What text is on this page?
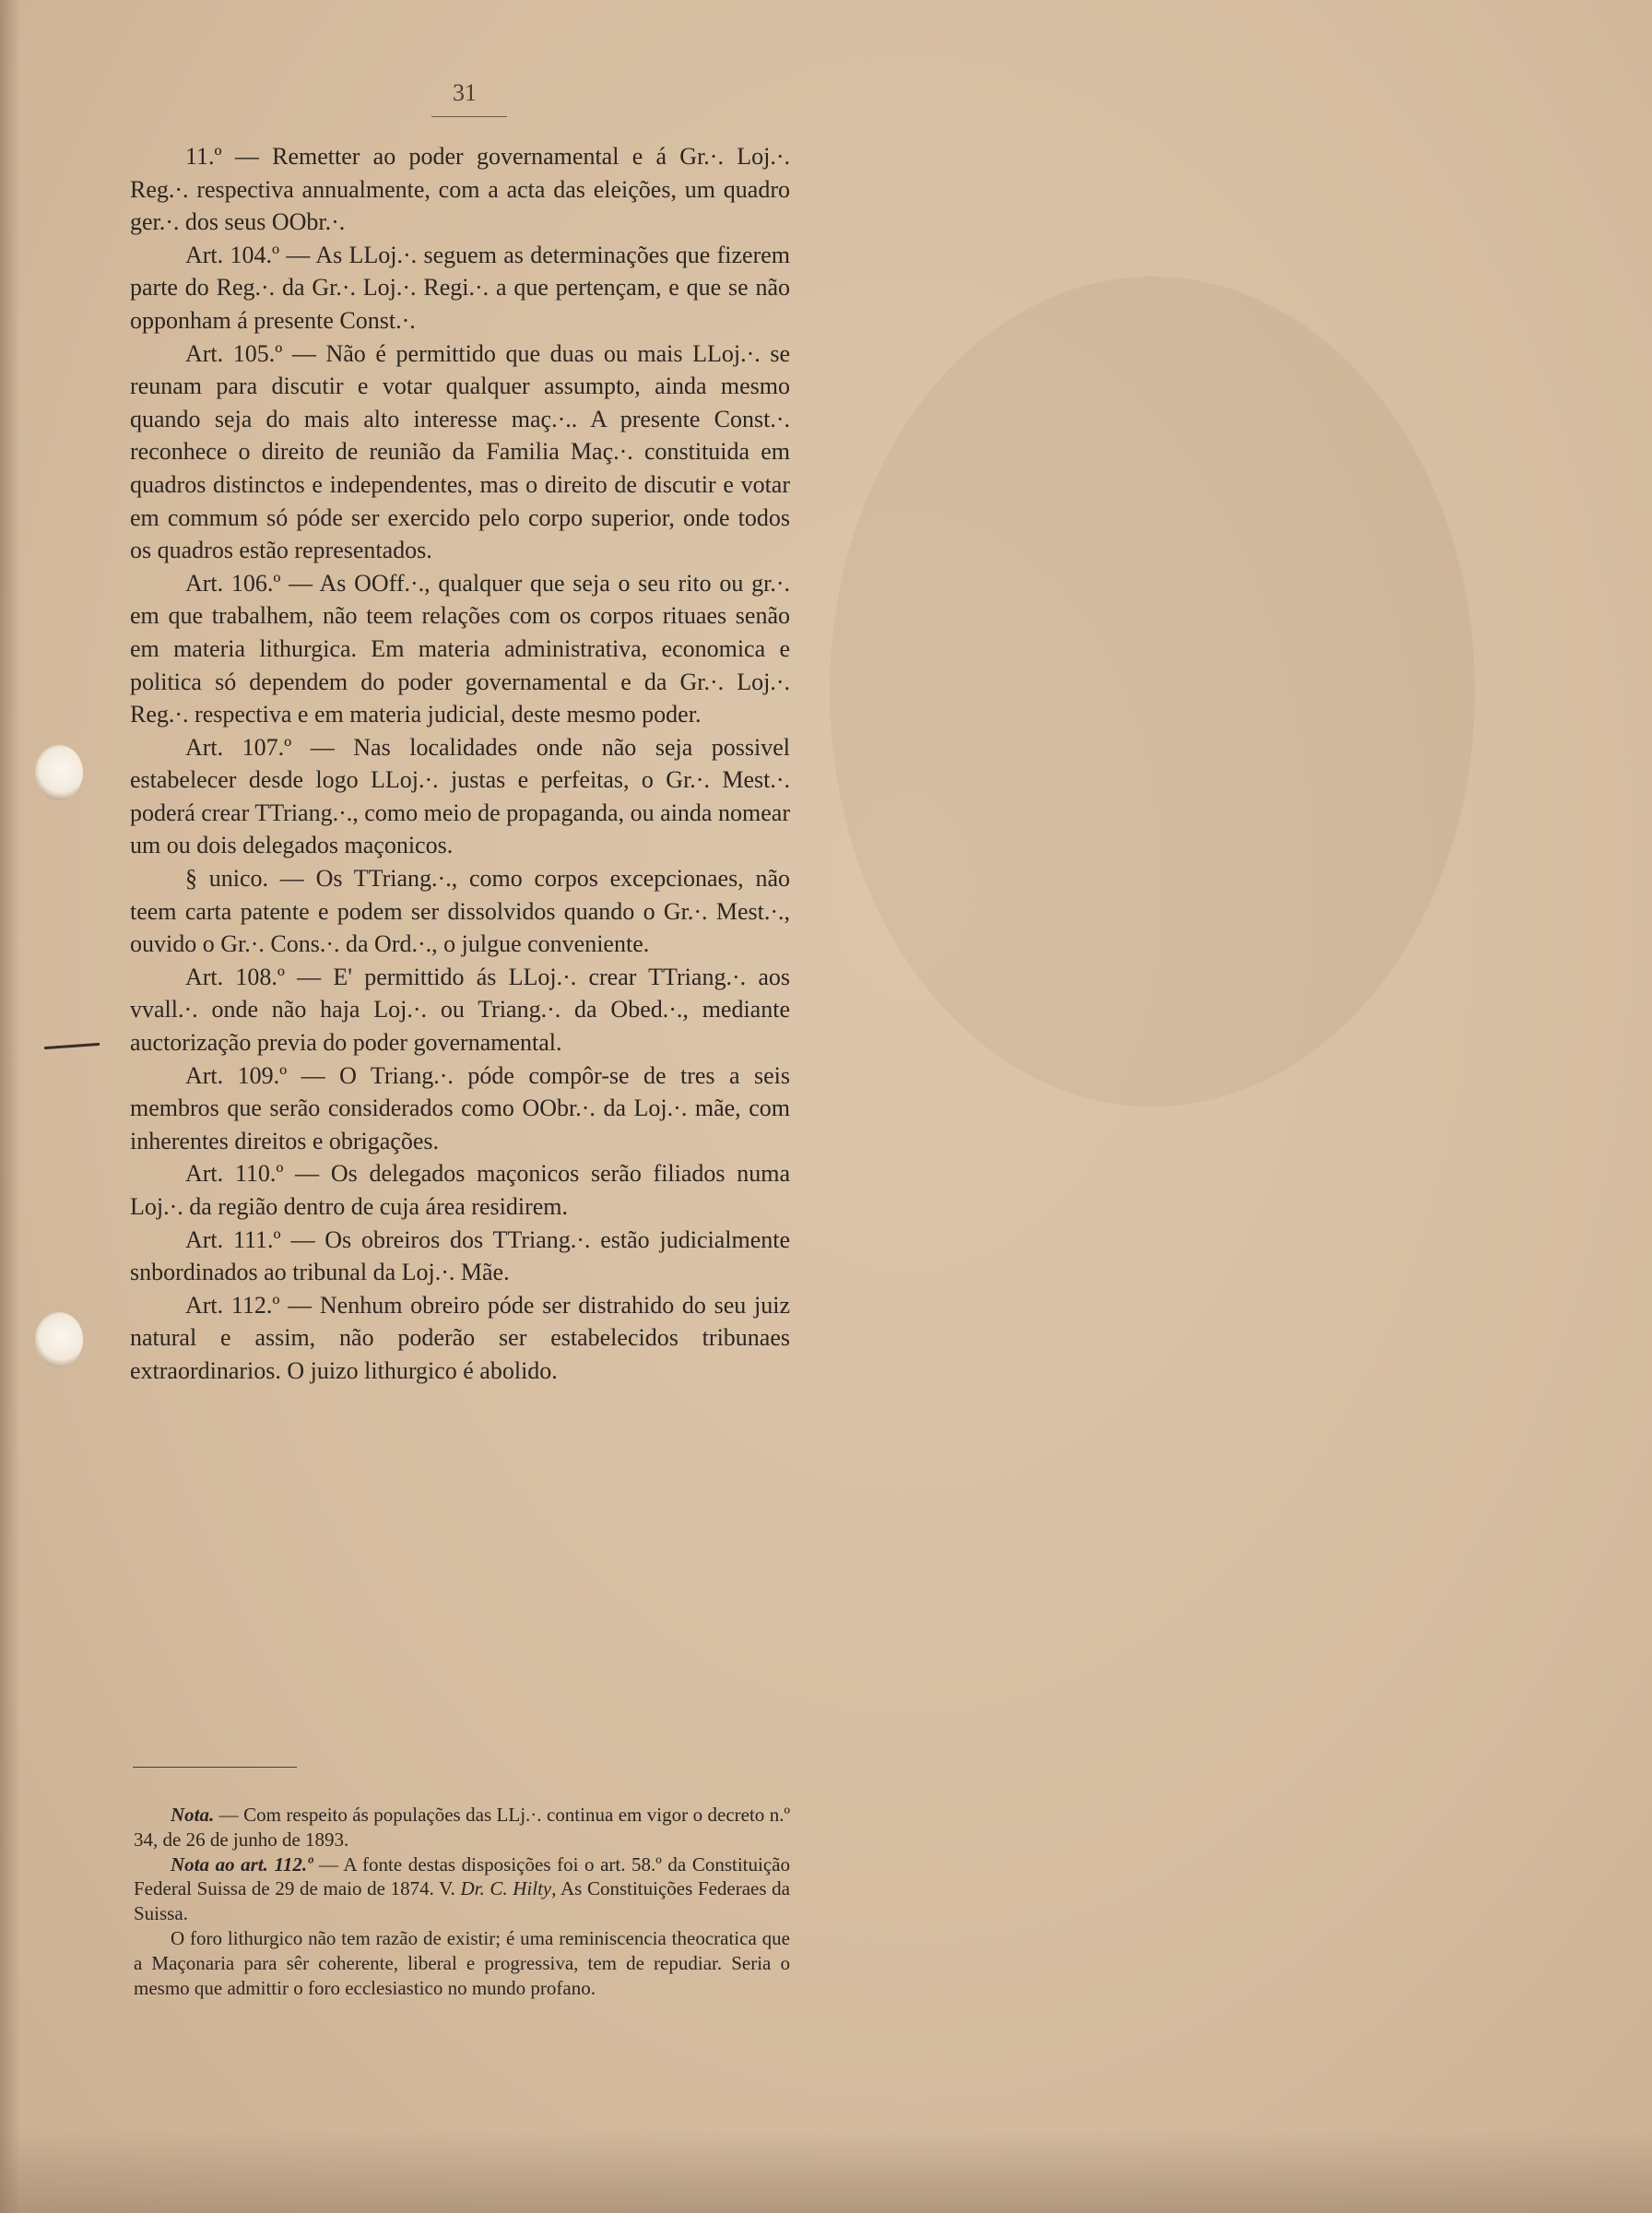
31

11.º — Remetter ao poder governamental e á Gr.·. Loj.·. Reg.·. respectiva annualmente, com a acta das eleições, um quadro ger.·. dos seus OObr.·.

Art. 104.º — As LLoj.·. seguem as determinações que fizerem parte do Reg.·. da Gr.·. Loj.·. Regi.·. a que pertençam, e que se não opponham á presente Const.·.

Art. 105.º — Não é permittido que duas ou mais LLoj.·. se reunam para discutir e votar qualquer assumpto, ainda mesmo quando seja do mais alto interesse maç.·.. A presente Const.·. reconhece o direito de reunião da Familia Maç.·. constituida em quadros distinctos e independentes, mas o direito de discutir e votar em commum só póde ser exercido pelo corpo superior, onde todos os quadros estão representados.

Art. 106.º — As OOff.·., qualquer que seja o seu rito ou gr.·. em que trabalhem, não teem relações com os corpos rituaes senão em materia lithurgica. Em materia administrativa, economica e politica só dependem do poder governamental e da Gr.·. Loj.·. Reg.·. respectiva e em materia judicial, deste mesmo poder.

Art. 107.º — Nas localidades onde não seja possivel estabelecer desde logo LLoj.·. justas e perfeitas, o Gr.·. Mest.·. poderá crear TTriang.·., como meio de propaganda, ou ainda nomear um ou dois delegados maçonicos.

§ unico. — Os TTriang.·., como corpos excepcionaes, não teem carta patente e podem ser dissolvidos quando o Gr.·. Mest.·., ouvido o Gr.·. Cons.·. da Ord.·., o julgue conveniente.

Art. 108.º — E' permittido ás LLoj.·. crear TTriang.·. aos vvall.·. onde não haja Loj.·. ou Triang.·. da Obed.·., mediante auctorização previa do poder governamental.

Art. 109.º — O Triang.·. póde compôr-se de tres a seis membros que serão considerados como OObr.·. da Loj.·. mãe, com inherentes direitos e obrigações.

Art. 110.º — Os delegados maçonicos serão filiados numa Loj.·. da região dentro de cuja área residirem.

Art. 111.º — Os obreiros dos TTriang.·. estão judicialmente snbordinados ao tribunal da Loj.·. Mãe.

Art. 112.º — Nenhum obreiro póde ser distrahido do seu juiz natural e assim, não poderão ser estabelecidos tribunaes extraordinarios. O juizo lithurgico é abolido.

Nota. — Com respeito ás populações das LLj.·. continua em vigor o decreto n.º 34, de 26 de junho de 1893.

Nota ao art. 112.º — A fonte destas disposições foi o art. 58.º da Constituição Federal Suissa de 29 de maio de 1874. V. Dr. C. Hilty, As Constituições Federaes da Suissa.

O foro lithurgico não tem razão de existir; é uma reminiscencia theocratica que a Maçonaria para sêr coherente, liberal e progressiva, tem de repudiar. Seria o mesmo que admittir o foro ecclesiastico no mundo profano.
